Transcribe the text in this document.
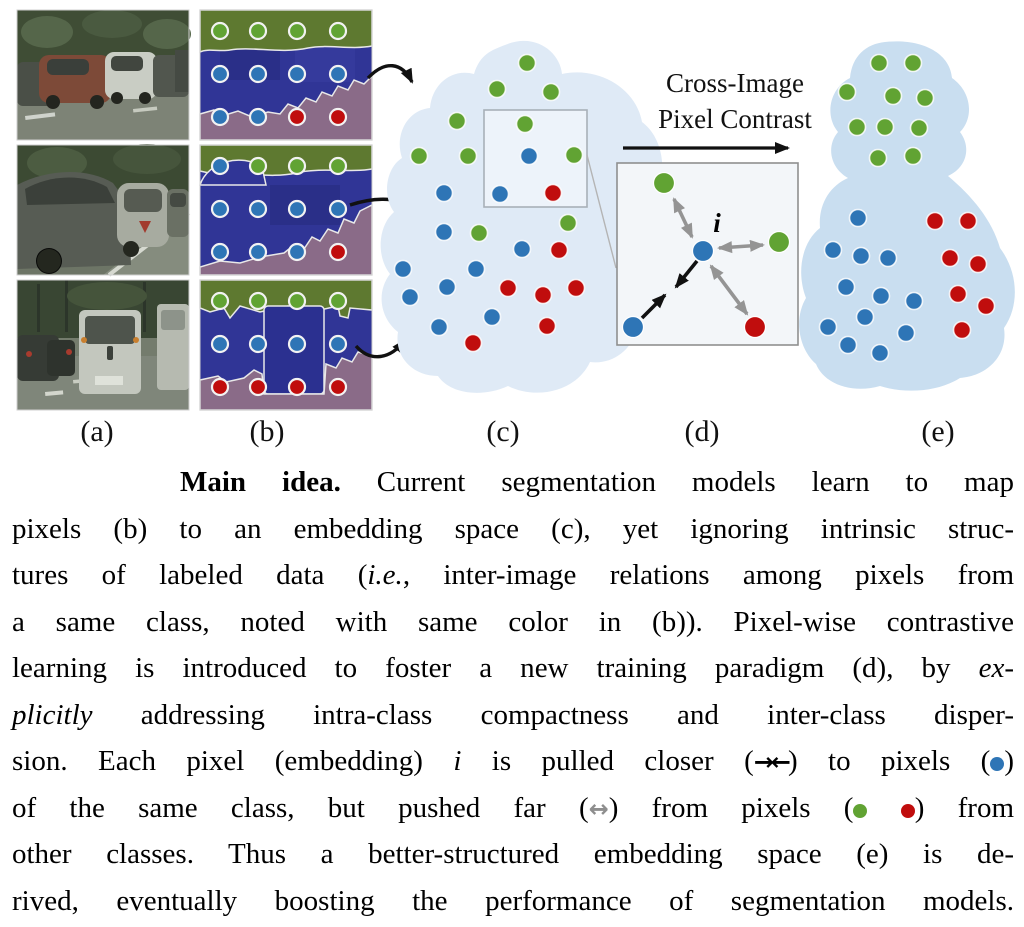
Cross-Image
Pixel Contrast
i
(a)	(b)	(c)	(d)	(e)
Main idea. Current segmentation models learn to map
pixels (b) to an embedding space (c), yet ignoring intrinsic struc-
tures of labeled data (i.e., inter-image relations among pixels from
a same class, noted with same color in (b)). Pixel-wise contrastive
learning is introduced to foster a new training paradigm (d), by ex-
plicitly addressing intra-class compactness and inter-class disper-
sion. Each pixel (embedding) i is pulled closer (→←) to pixels ( )
of the same class, but pushed far (↔) from pixels ( ) from
other classes. Thus a better-structured embedding space (e) is de-
rived, eventually boosting the performance of segmentation models.
